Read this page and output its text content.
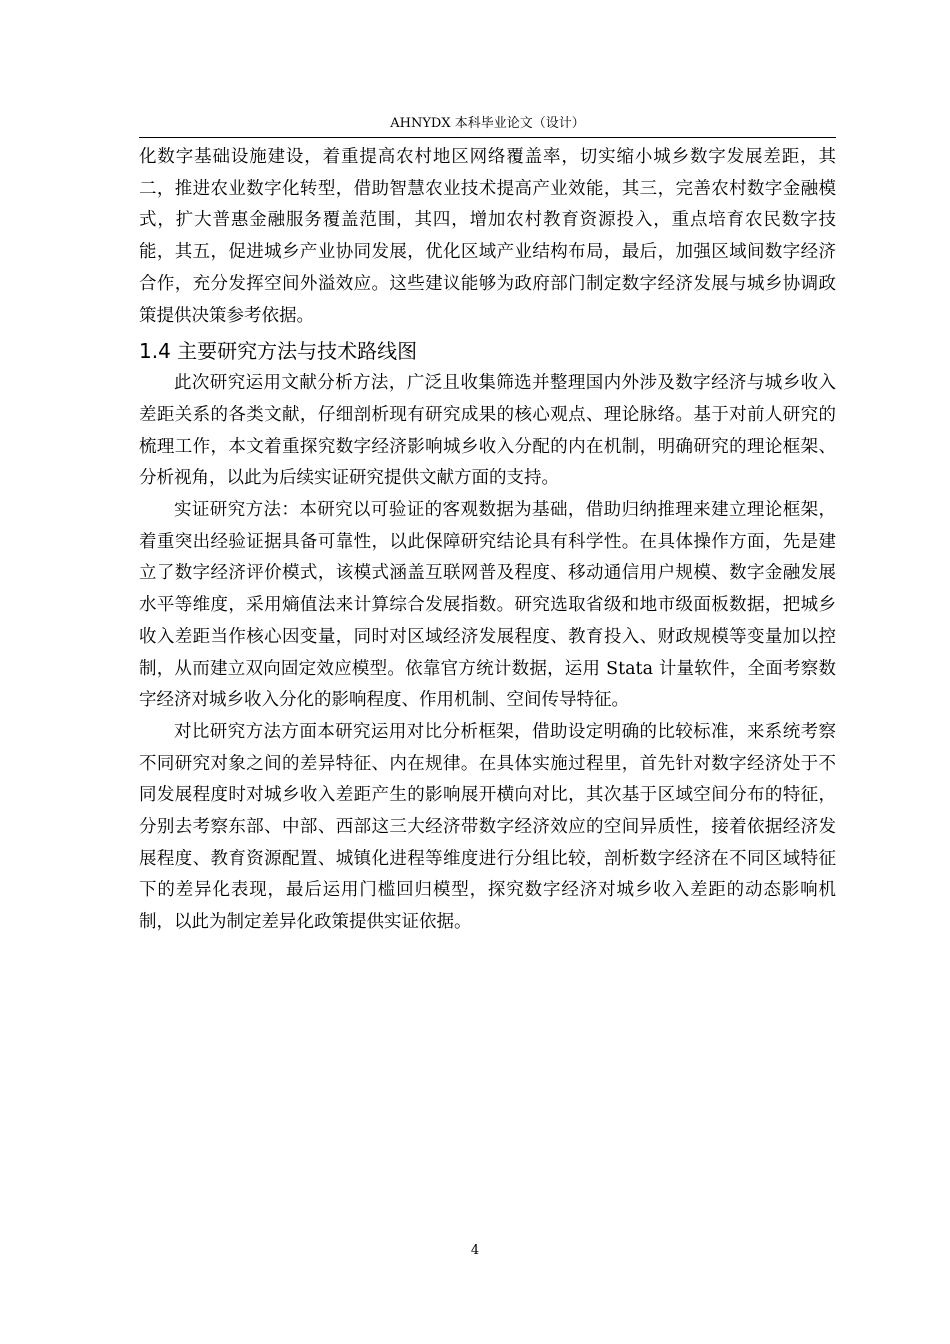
AHNYDX 本科毕业论文（设计）

化数字基础设施建设，着重提高农村地区网络覆盖率，切实缩小城乡数字发展差距，其二，推进农业数字化转型，借助智慧农业技术提高产业效能，其三，完善农村数字金融模式，扩大普惠金融服务覆盖范围，其四，增加农村教育资源投入，重点培育农民数字技能，其五，促进城乡产业协同发展，优化区域产业结构布局，最后，加强区域间数字经济合作，充分发挥空间外溢效应。这些建议能够为政府部门制定数字经济发展与城乡协调政策提供决策参考依据。

1.4 主要研究方法与技术路线图

此次研究运用文献分析方法，广泛且收集筛选并整理国内外涉及数字经济与城乡收入差距关系的各类文献，仔细剖析现有研究成果的核心观点、理论脉络。基于对前人研究的梳理工作，本文着重探究数字经济影响城乡收入分配的内在机制，明确研究的理论框架、分析视角，以此为后续实证研究提供文献方面的支持。

实证研究方法：本研究以可验证的客观数据为基础，借助归纳推理来建立理论框架，着重突出经验证据具备可靠性，以此保障研究结论具有科学性。在具体操作方面，先是建立了数字经济评价模式，该模式涵盖互联网普及程度、移动通信用户规模、数字金融发展水平等维度，采用熵值法来计算综合发展指数。研究选取省级和地市级面板数据，把城乡收入差距当作核心因变量，同时对区域经济发展程度、教育投入、财政规模等变量加以控制，从而建立双向固定效应模型。依靠官方统计数据，运用 Stata 计量软件，全面考察数字经济对城乡收入分化的影响程度、作用机制、空间传导特征。

对比研究方法方面本研究运用对比分析框架，借助设定明确的比较标准，来系统考察不同研究对象之间的差异特征、内在规律。在具体实施过程里，首先针对数字经济处于不同发展程度时对城乡收入差距产生的影响展开横向对比，其次基于区域空间分布的特征，分别去考察东部、中部、西部这三大经济带数字经济效应的空间异质性，接着依据经济发展程度、教育资源配置、城镇化进程等维度进行分组比较，剖析数字经济在不同区域特征下的差异化表现，最后运用门槛回归模型，探究数字经济对城乡收入差距的动态影响机制，以此为制定差异化政策提供实证依据。

4
